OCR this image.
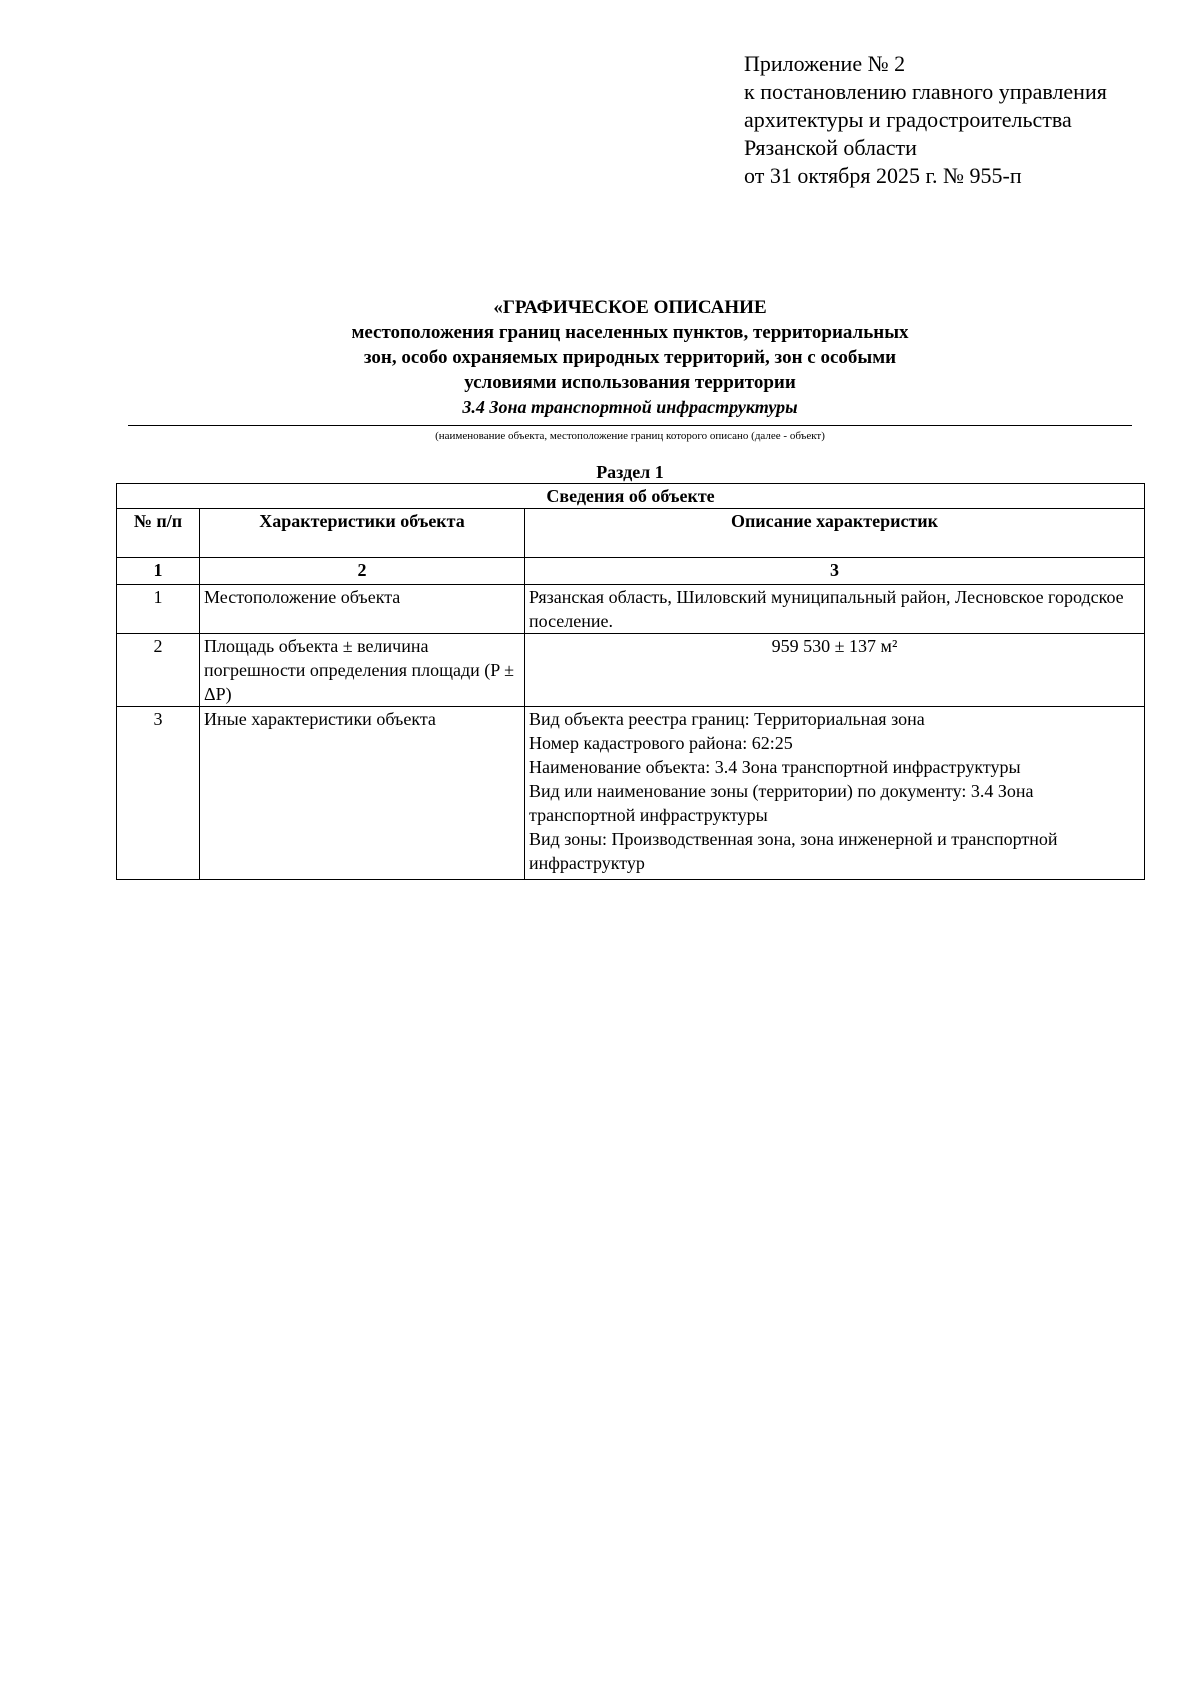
Приложение № 2
к постановлению главного управления
архитектуры и градостроительства
Рязанской области
от 31 октября 2025 г. № 955-п
«ГРАФИЧЕСКОЕ ОПИСАНИЕ
местоположения границ населенных пунктов, территориальных
зон, особо охраняемых природных территорий, зон с особыми
условиями использования территории
3.4 Зона транспортной инфраструктуры
(наименование объекта, местоположение границ которого описано (далее - объект)
Раздел 1
Сведения об объекте		
№ п/п	Характеристики объекта	Описание характеристик
1	2	3
1	Местоположение объекта	Рязанская область, Шиловский муниципальный район, Лесновское городское поселение.
2	Площадь объекта ± величина погрешности определения площади (P ± ΔP)	959 530 ± 137 м²
3	Иные характеристики объекта	Вид объекта реестра границ: Территориальная зона
Номер кадастрового района: 62:25
Наименование объекта: 3.4 Зона транспортной инфраструктуры
Вид или наименование зоны (территории) по документу: 3.4 Зона транспортной инфраструктуры
Вид зоны: Производственная зона, зона инженерной и транспортной инфраструктур
